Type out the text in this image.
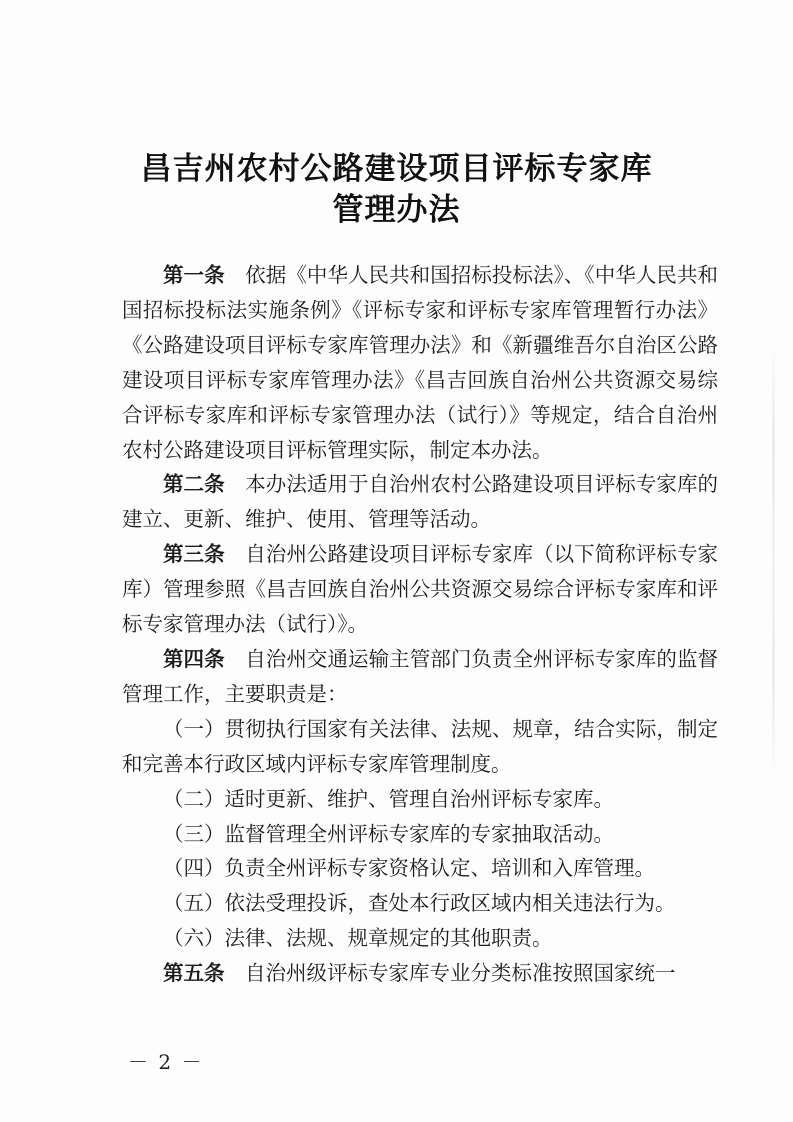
昌吉州农村公路建设项目评标专家库
管理办法

第一条 依据《中华人民共和国招标投标法》、《中华人民共和国招标投标法实施条例》《评标专家和评标专家库管理暂行办法》《公路建设项目评标专家库管理办法》和《新疆维吾尔自治区公路建设项目评标专家库管理办法》《昌吉回族自治州公共资源交易综合评标专家库和评标专家管理办法（试行）》等规定，结合自治州农村公路建设项目评标管理实际，制定本办法。

第二条 本办法适用于自治州农村公路建设项目评标专家库的建立、更新、维护、使用、管理等活动。

第三条 自治州公路建设项目评标专家库（以下简称评标专家库）管理参照《昌吉回族自治州公共资源交易综合评标专家库和评标专家管理办法（试行）》。

第四条 自治州交通运输主管部门负责全州评标专家库的监督管理工作，主要职责是：

（一）贯彻执行国家有关法律、法规、规章，结合实际，制定和完善本行政区域内评标专家库管理制度。

（二）适时更新、维护、管理自治州评标专家库。

（三）监督管理全州评标专家库的专家抽取活动。

（四）负责全州评标专家资格认定、培训和入库管理。

（五）依法受理投诉，查处本行政区域内相关违法行为。

（六）法律、法规、规章规定的其他职责。

第五条 自治州级评标专家库专业分类标准按照国家统一

－ 2 －
